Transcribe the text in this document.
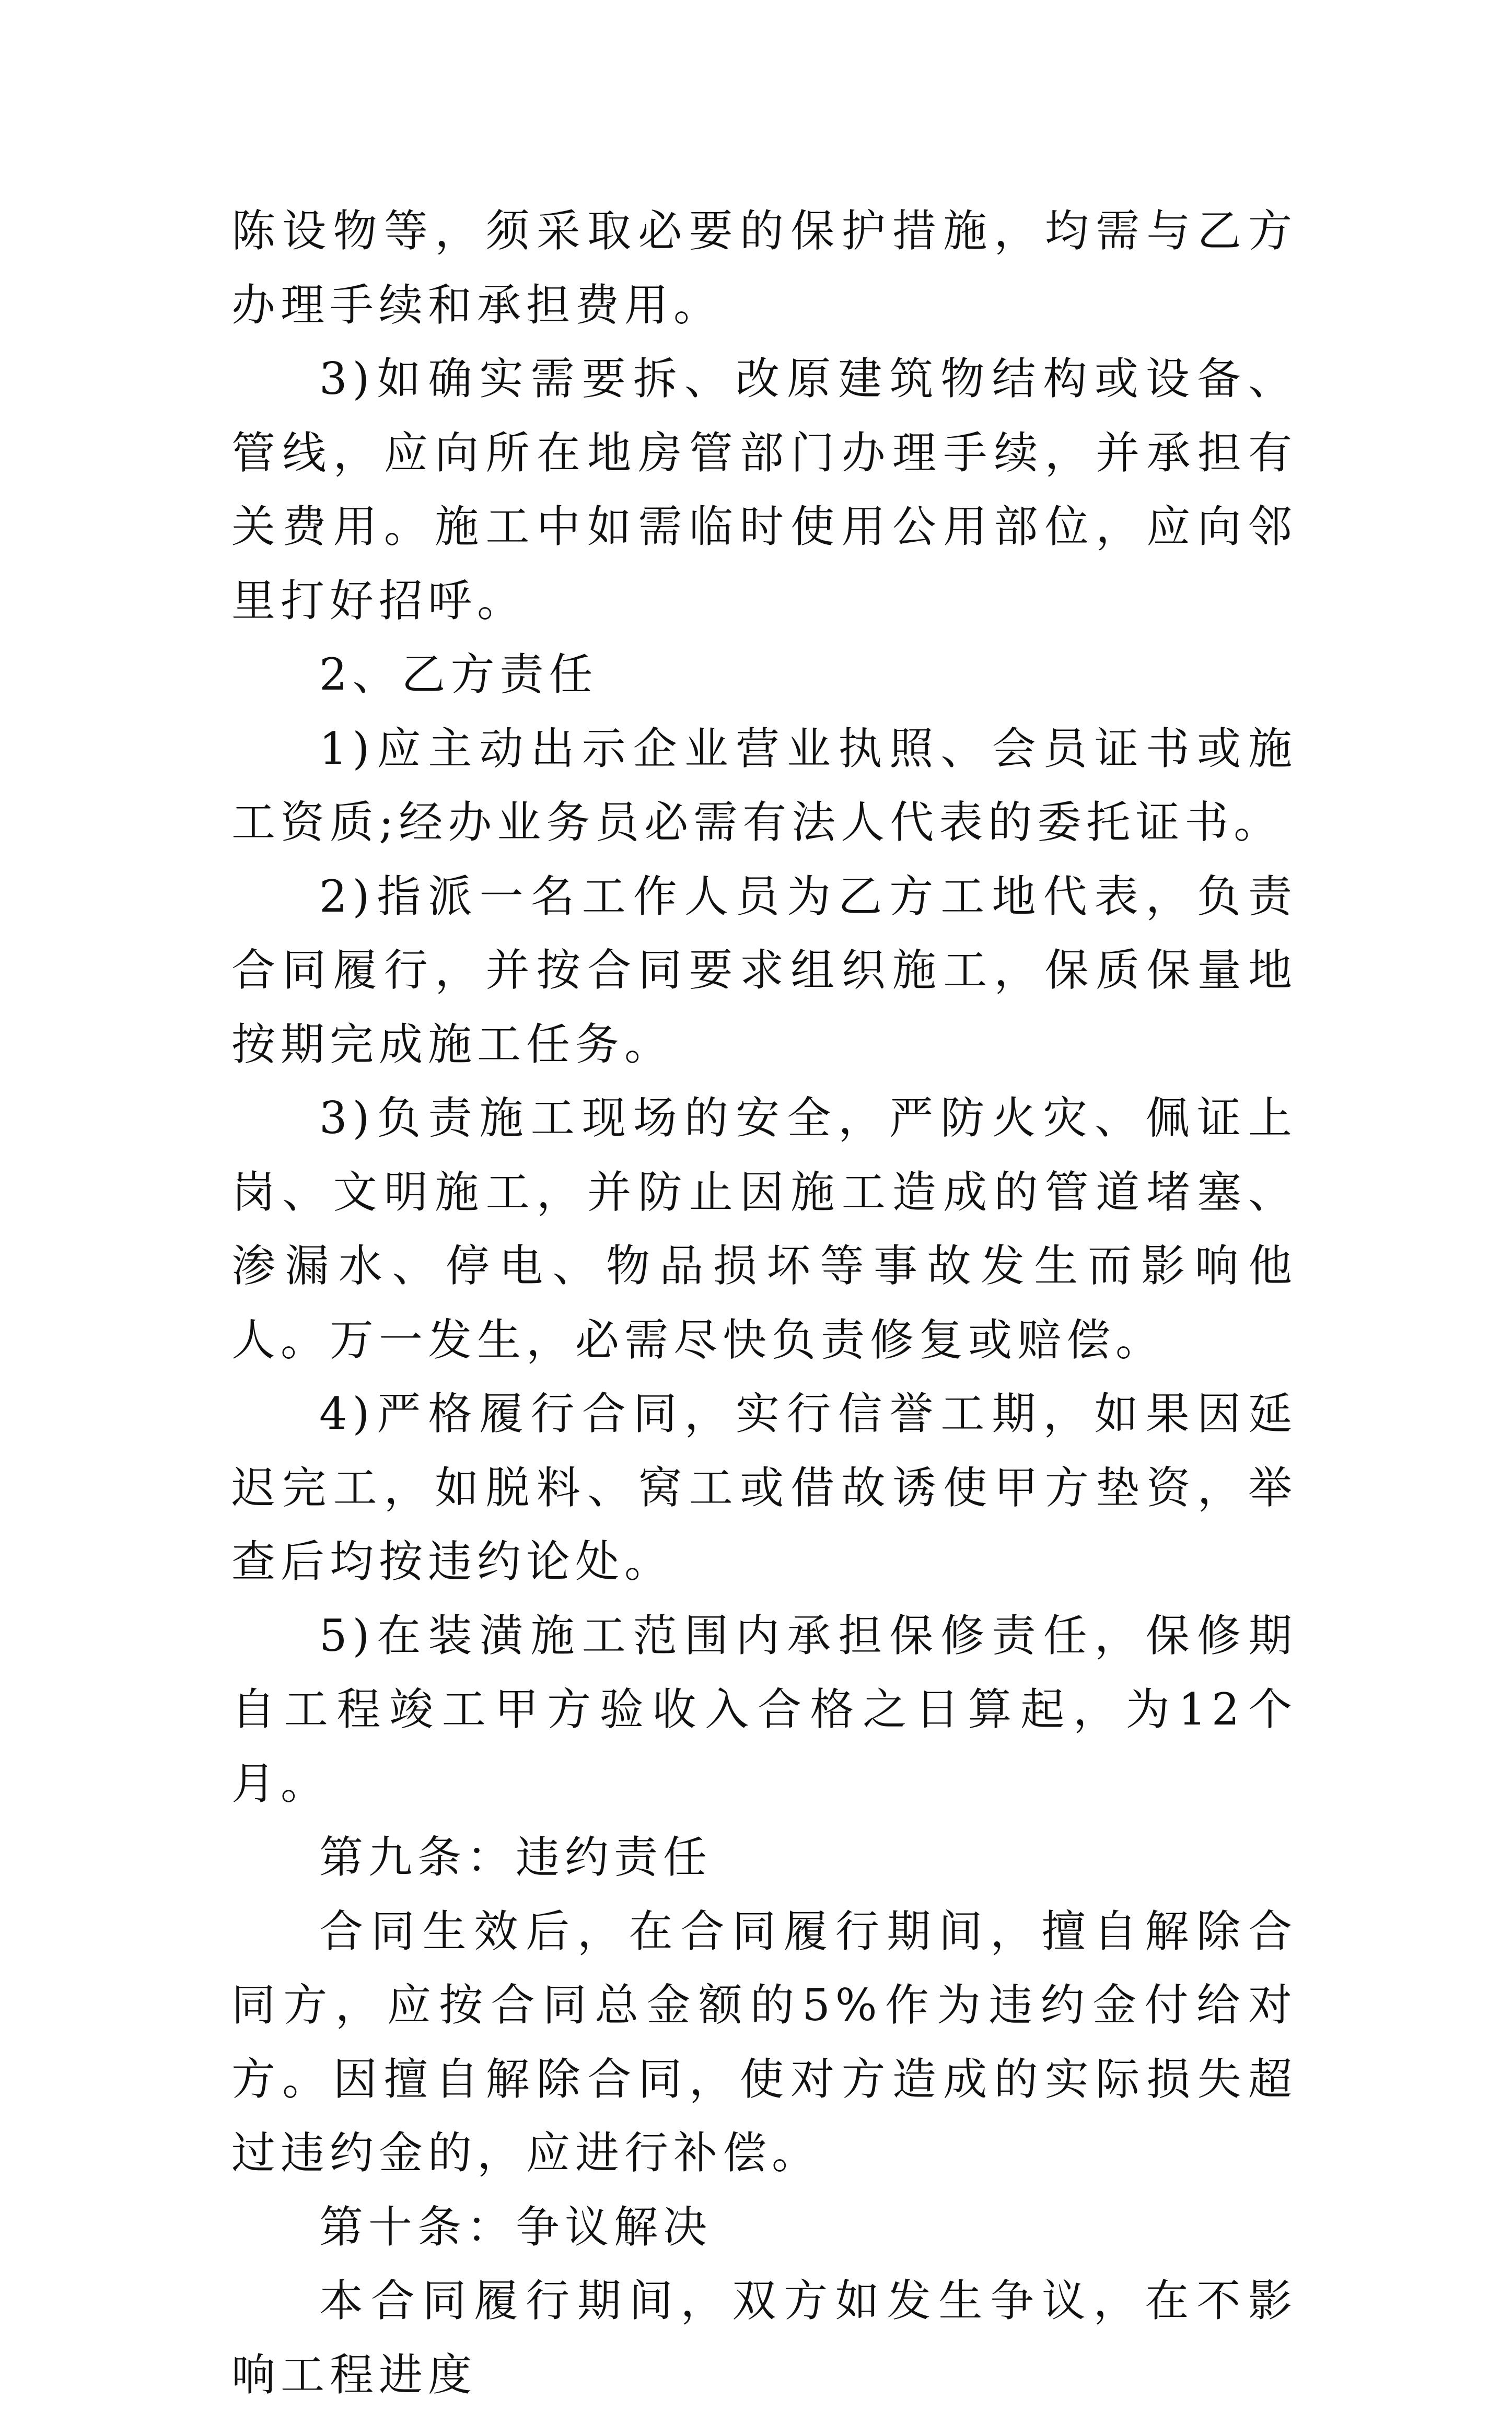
陈设物等，须采取必要的保护措施，均需与乙方办理手续和承担费用。

3)如确实需要拆、改原建筑物结构或设备、管线，应向所在地房管部门办理手续，并承担有关费用。施工中如需临时使用公用部位，应向邻里打好招呼。

2、乙方责任

1)应主动出示企业营业执照、会员证书或施工资质;经办业务员必需有法人代表的委托证书。

2)指派一名工作人员为乙方工地代表，负责合同履行，并按合同要求组织施工，保质保量地按期完成施工任务。

3)负责施工现场的安全，严防火灾、佩证上岗、文明施工，并防止因施工造成的管道堵塞、渗漏水、停电、物品损坏等事故发生而影响他人。万一发生，必需尽快负责修复或赔偿。

4)严格履行合同，实行信誉工期，如果因延迟完工，如脱料、窝工或借故诱使甲方垫资，举查后均按违约论处。

5)在装潢施工范围内承担保修责任，保修期自工程竣工甲方验收入合格之日算起，为12个月。

第九条：违约责任

合同生效后，在合同履行期间，擅自解除合同方，应按合同总金额的5%作为违约金付给对方。因擅自解除合同，使对方造成的实际损失超过违约金的，应进行补偿。

第十条：争议解决

本合同履行期间，双方如发生争议，在不影响工程进度
